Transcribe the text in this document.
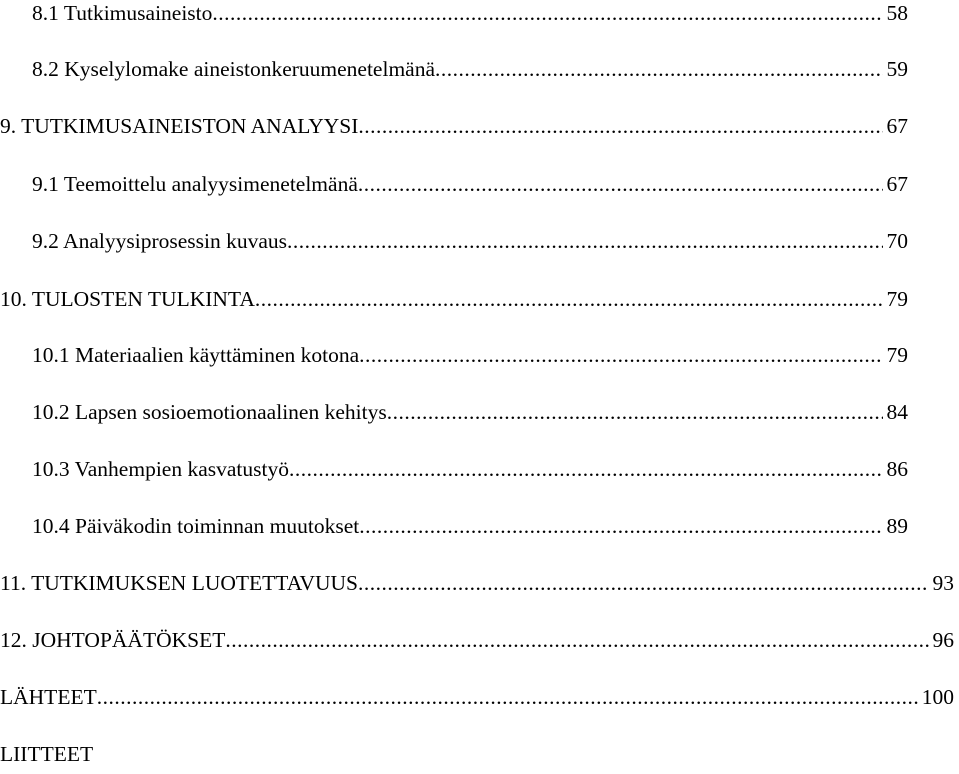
8.1 Tutkimusaineisto .....	58
8.2 Kyselylomake aineistonkeruumenetelmänä .....	59
9. TUTKIMUSAINEISTON ANALYYSI .....	67
9.1 Teemoittelu analyysimenetelmänä .....	67
9.2 Analyysiprosessin kuvaus .....	70
10. TULOSTEN TULKINTA .....	79
10.1 Materiaalien käyttäminen kotona .....	79
10.2 Lapsen sosioemotionaalinen kehitys .....	84
10.3 Vanhempien kasvatustyö .....	86
10.4 Päiväkodin toiminnan muutokset .....	89
11. TUTKIMUKSEN LUOTETTAVUUS .....	93
12. JOHTOPÄÄTÖKSET .....	96
LÄHTEET .....	100
LIITTEET
